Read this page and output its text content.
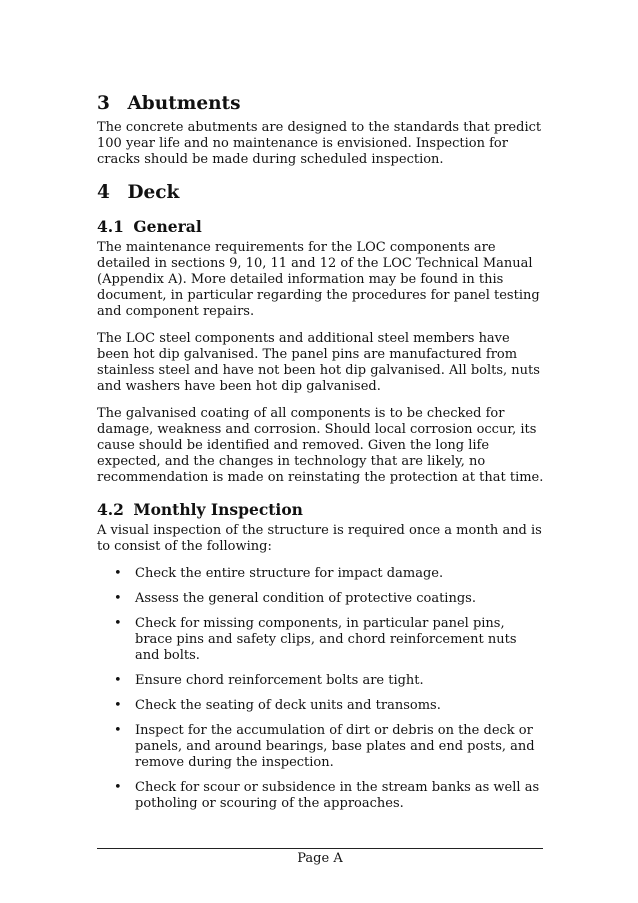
3 Abutments

The concrete abutments are designed to the standards that predict 100 year life and no maintenance is envisioned. Inspection for cracks should be made during scheduled inspection.

4 Deck
4.1 General

The maintenance requirements for the LOC components are detailed in sections 9, 10, 11 and 12 of the LOC Technical Manual (Appendix A). More detailed information may be found in this document, in particular regarding the procedures for panel testing and component repairs.

The LOC steel components and additional steel members have been hot dip galvanised. The panel pins are manufactured from stainless steel and have not been hot dip galvanised. All bolts, nuts and washers have been hot dip galvanised.

The galvanised coating of all components is to be checked for damage, weakness and corrosion. Should local corrosion occur, its cause should be identified and removed. Given the long life expected, and the changes in technology that are likely, no recommendation is made on reinstating the protection at that time.

4.2 Monthly Inspection

A visual inspection of the structure is required once a month and is to consist of the following:

• Check the entire structure for impact damage.
• Assess the general condition of protective coatings.
• Check for missing components, in particular panel pins, brace pins and safety clips, and chord reinforcement nuts and bolts.
• Ensure chord reinforcement bolts are tight.
• Check the seating of deck units and transoms.
• Inspect for the accumulation of dirt or debris on the deck or panels, and around bearings, base plates and end posts, and remove during the inspection.
• Check for scour or subsidence in the stream banks as well as potholing or scouring of the approaches.
Page A
